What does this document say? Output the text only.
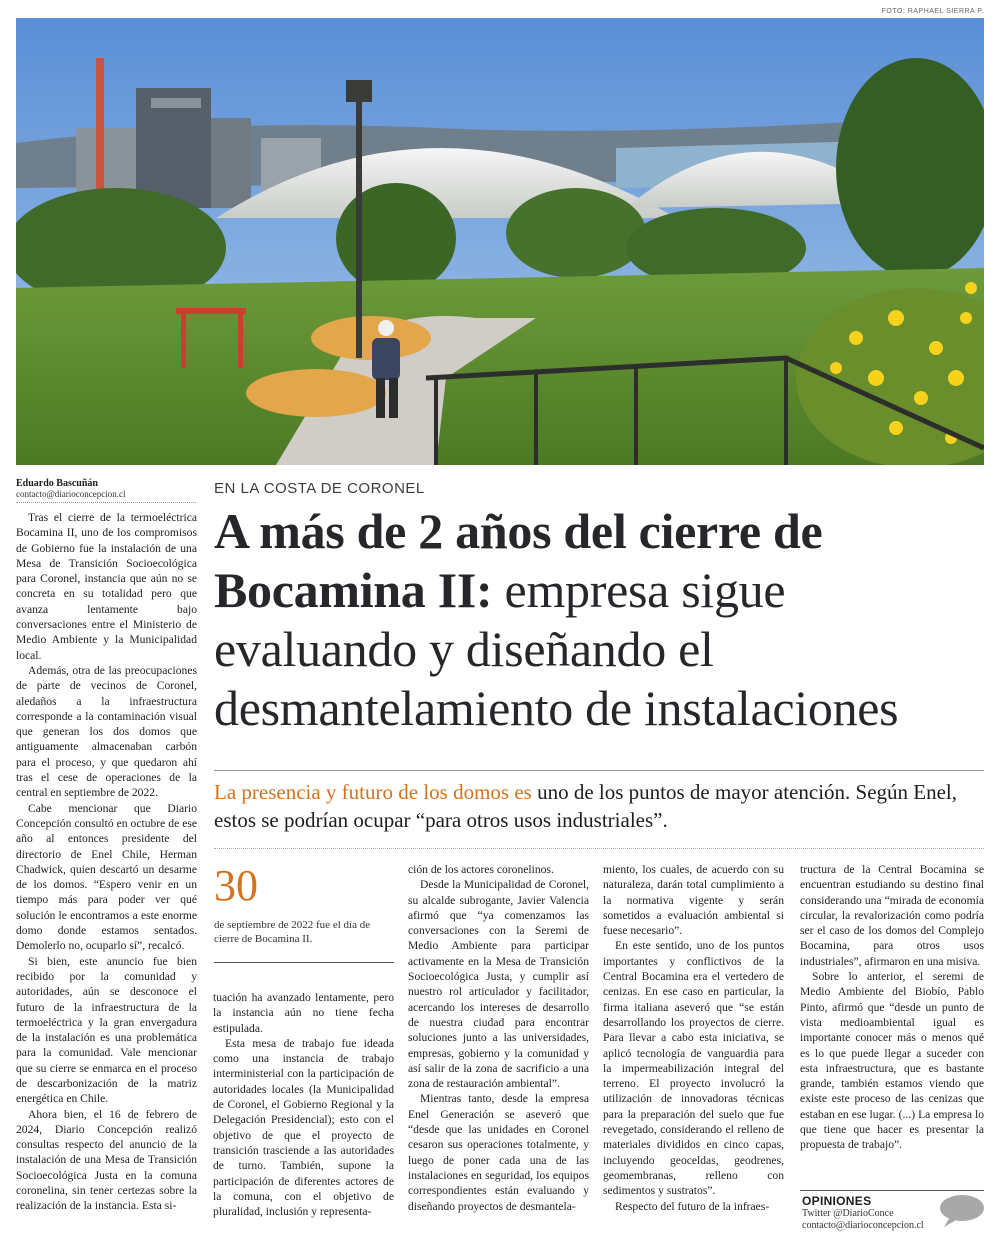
FOTO: RAPHAEL SIERRA P.
Eduardo Bascuñán
contacto@diarioconcepcion.cl	EN LA COSTA DE CORONEL
A más de 2 años del cierre de Bocamina II: empresa sigue evaluando y diseñando el desmantelamiento de instalaciones
La presencia y futuro de los domos es uno de los puntos de mayor atención. Según Enel, estos se podrían ocupar “para otros usos industriales”.
30
de septiembre de 2022 fue el día de cierre de Bocamina II.

Tras el cierre de la termoeléctrica Bocamina II, uno de los compromisos de Gobierno fue la instalación de una Mesa de Transición Socioecológica para Coronel, instancia que aún no se concreta en su totalidad pero que avanza lentamente bajo conversaciones entre el Ministerio de Medio Ambiente y la Municipalidad local.

Además, otra de las preocupaciones de parte de vecinos de Coronel, aledaños a la infraestructura corresponde a la contaminación visual que generan los dos domos que antiguamente almacenaban carbón para el proceso, y que quedaron ahí tras el cese de operaciones de la central en septiembre de 2022.

Cabe mencionar que Diario Concepción consultó en octubre de ese año al entonces presidente del directorio de Enel Chile, Herman Chadwick, quien descartó un desarme de los domos. “Espero venir en un tiempo más para poder ver qué solución le encontramos a este enorme domo donde estamos sentados. Demolerlo no, ocuparlo sí”, recalcó.

Si bien, este anuncio fue bien recibido por la comunidad y autoridades, aún se desconoce el futuro de la infraestructura de la termoeléctrica y la gran envergadura de la instalación es una problemática para la comunidad. Vale mencionar que su cierre se enmarca en el proceso de descarbonización de la matriz energética en Chile.

Ahora bien, el 16 de febrero de 2024, Diario Concepción realizó consultas respecto del anuncio de la instalación de una Mesa de Transición Socioecológica Justa en la comuna coronelina, sin tener certezas sobre la realización de la instancia. Esta si-

tuación ha avanzado lentamente, pero la instancia aún no tiene fecha estipulada.

Esta mesa de trabajo fue ideada como una instancia de trabajo interministerial con la participación de autoridades locales (la Municipalidad de Coronel, el Gobierno Regional y la Delegación Presidencial); esto con el objetivo de que el proyecto de transición trasciende a las autoridades de turno. También, supone la participación de diferentes actores de la comuna, con el objetivo de pluralidad, inclusión y representa-

ción de los actores coronelinos.

Desde la Municipalidad de Coronel, su alcalde subrogante, Javier Valencia afirmó que “ya comenzamos las conversaciones con la Seremi de Medio Ambiente para participar activamente en la Mesa de Transición Socioecológica Justa, y cumplir así nuestro rol articulador y facilitador, acercando los intereses de desarrollo de nuestra ciudad para encontrar soluciones junto a las universidades, empresas, gobierno y la comunidad y así salir de la zona de sacrificio a una zona de restauración ambiental”.

Mientras tanto, desde la empresa Enel Generación se aseveró que “desde que las unidades en Coronel cesaron sus operaciones totalmente, y luego de poner cada una de las instalaciones en seguridad, los equipos correspondientes están evaluando y diseñando proyectos de desmantela-

miento, los cuales, de acuerdo con su naturaleza, darán total cumplimiento a la normativa vigente y serán sometidos a evaluación ambiental si fuese necesario”.

En este sentido, uno de los puntos importantes y conflictivos de la Central Bocamina era el vertedero de cenizas. En ese caso en particular, la firma italiana aseveró que “se están desarrollando los proyectos de cierre. Para llevar a cabo esta iniciativa, se aplicó tecnología de vanguardia para la impermeabilización integral del terreno. El proyecto involucró la utilización de innovadoras técnicas para la preparación del suelo que fue revegetado, considerando el relleno de materiales divididos en cinco capas, incluyendo geoceldas, geodrenes, geomembranas, relleno con sedimentos y sustratos”.

Respecto del futuro de la infraes-

tructura de la Central Bocamina se encuentran estudiando su destino final considerando una “mirada de economía circular, la revalorización como podría ser el caso de los domos del Complejo Bocamina, para otros usos industriales”, afirmaron en una misiva.

Sobre lo anterior, el seremi de Medio Ambiente del Biobío, Pablo Pinto, afirmó que “desde un punto de vista medioambiental igual es importante conocer más o menos qué es lo que puede llegar a suceder con esta infraestructura, que es bastante grande, también estamos viendo que existe este proceso de las cenizas que estaban en ese lugar. (...) La empresa lo que tiene que hacer es presentar la propuesta de trabajo”.

OPINIONES
Twitter @DiarioConce
contacto@diarioconcepcion.cl
